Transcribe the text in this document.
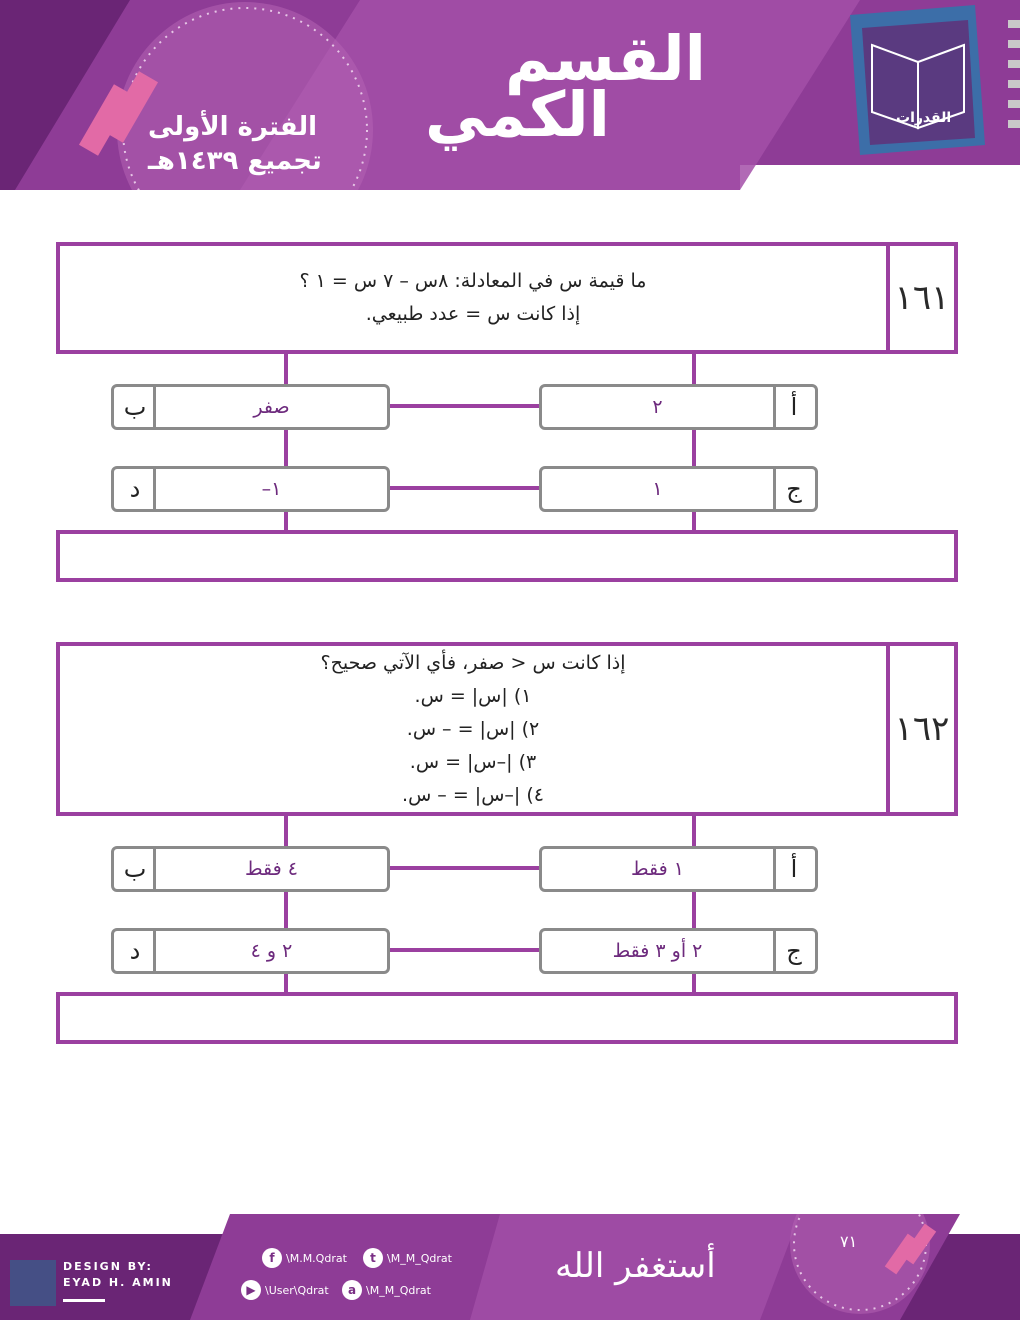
القسم
الكمي
الفترة الأولى
تجميع ١٤٣٩هـ
القدرات
١٦١
ما قيمة س في المعادلة: ٨س – ٧ س = ١ ؟
إذا كانت س = عدد طبيعي.
أ
٢
ب	صفر
ج
١
د	١–
١٦٢
إذا كانت س < صفر، فأي الآتي صحيح؟
١) |س| = س.
٢) |س| = – س.
٣) |–س| = س.
٤) |–س| = – س.
أ
١ فقط
ب	٤ فقط
ج
٢ أو ٣ فقط
د	٢ و ٤
DESIGN BY:
EYAD H. AMIN
f	\M.M.Qdrat	t	\M_M_Qdrat
▶ \User\Qdrat	a \M_M_Qdrat
أستغفر الله
٧١
